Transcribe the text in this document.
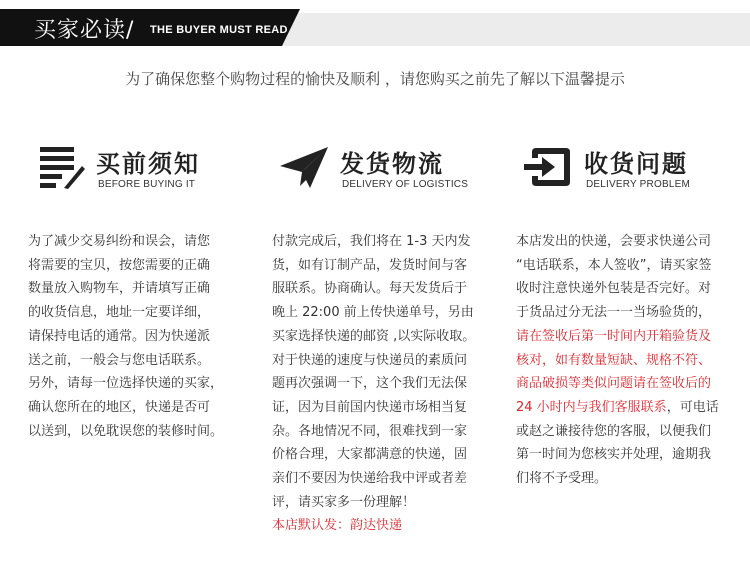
买家必读/ THE BUYER MUST READ
为了确保您整个购物过程的愉快及顺利 ，请您购买之前先了解以下温馨提示
买前须知
BEFORE BUYING IT
为了减少交易纠纷和误会，请您
将需要的宝贝，按您需要的正确
数量放入购物车，并请填写正确
的收货信息，地址一定要详细，
请保持电话的通常。因为快递派
送之前，一般会与您电话联系。
另外，请每一位选择快递的买家，
确认您所在的地区，快递是否可
以送到，以免耽误您的装修时间。
发货物流
DELIVERY OF LOGISTICS
付款完成后，我们将在 1-3 天内发
货，如有订制产品，发货时间与客
服联系。协商确认。每天发货后于
晚上 22:00 前上传快递单号，另由
买家选择快递的邮资 ,以实际收取。
对于快递的速度与快递员的素质问
题再次强调一下，这个我们无法保
证，因为目前国内快递市场相当复
杂。各地情况不同，很难找到一家
价格合理，大家都满意的快递，固
亲们不要因为快递给我中评或者差
评，请买家多一份理解！
本店默认发：韵达快递
收货问题
DELIVERY PROBLEM
本店发出的快递，会要求快递公司
“电话联系，本人签收”，请买家签
收时注意快递外包装是否完好。对
于货品过分无法一一当场验货的，
请在签收后第一时间内开箱验货及
核对，如有数量短缺、规格不符、
商品破损等类似问题请在签收后的
24 小时内与我们客服联系，可电话
或赵之谦接待您的客服，以便我们
第一时间为您核实并处理，逾期我
们将不予受理。
